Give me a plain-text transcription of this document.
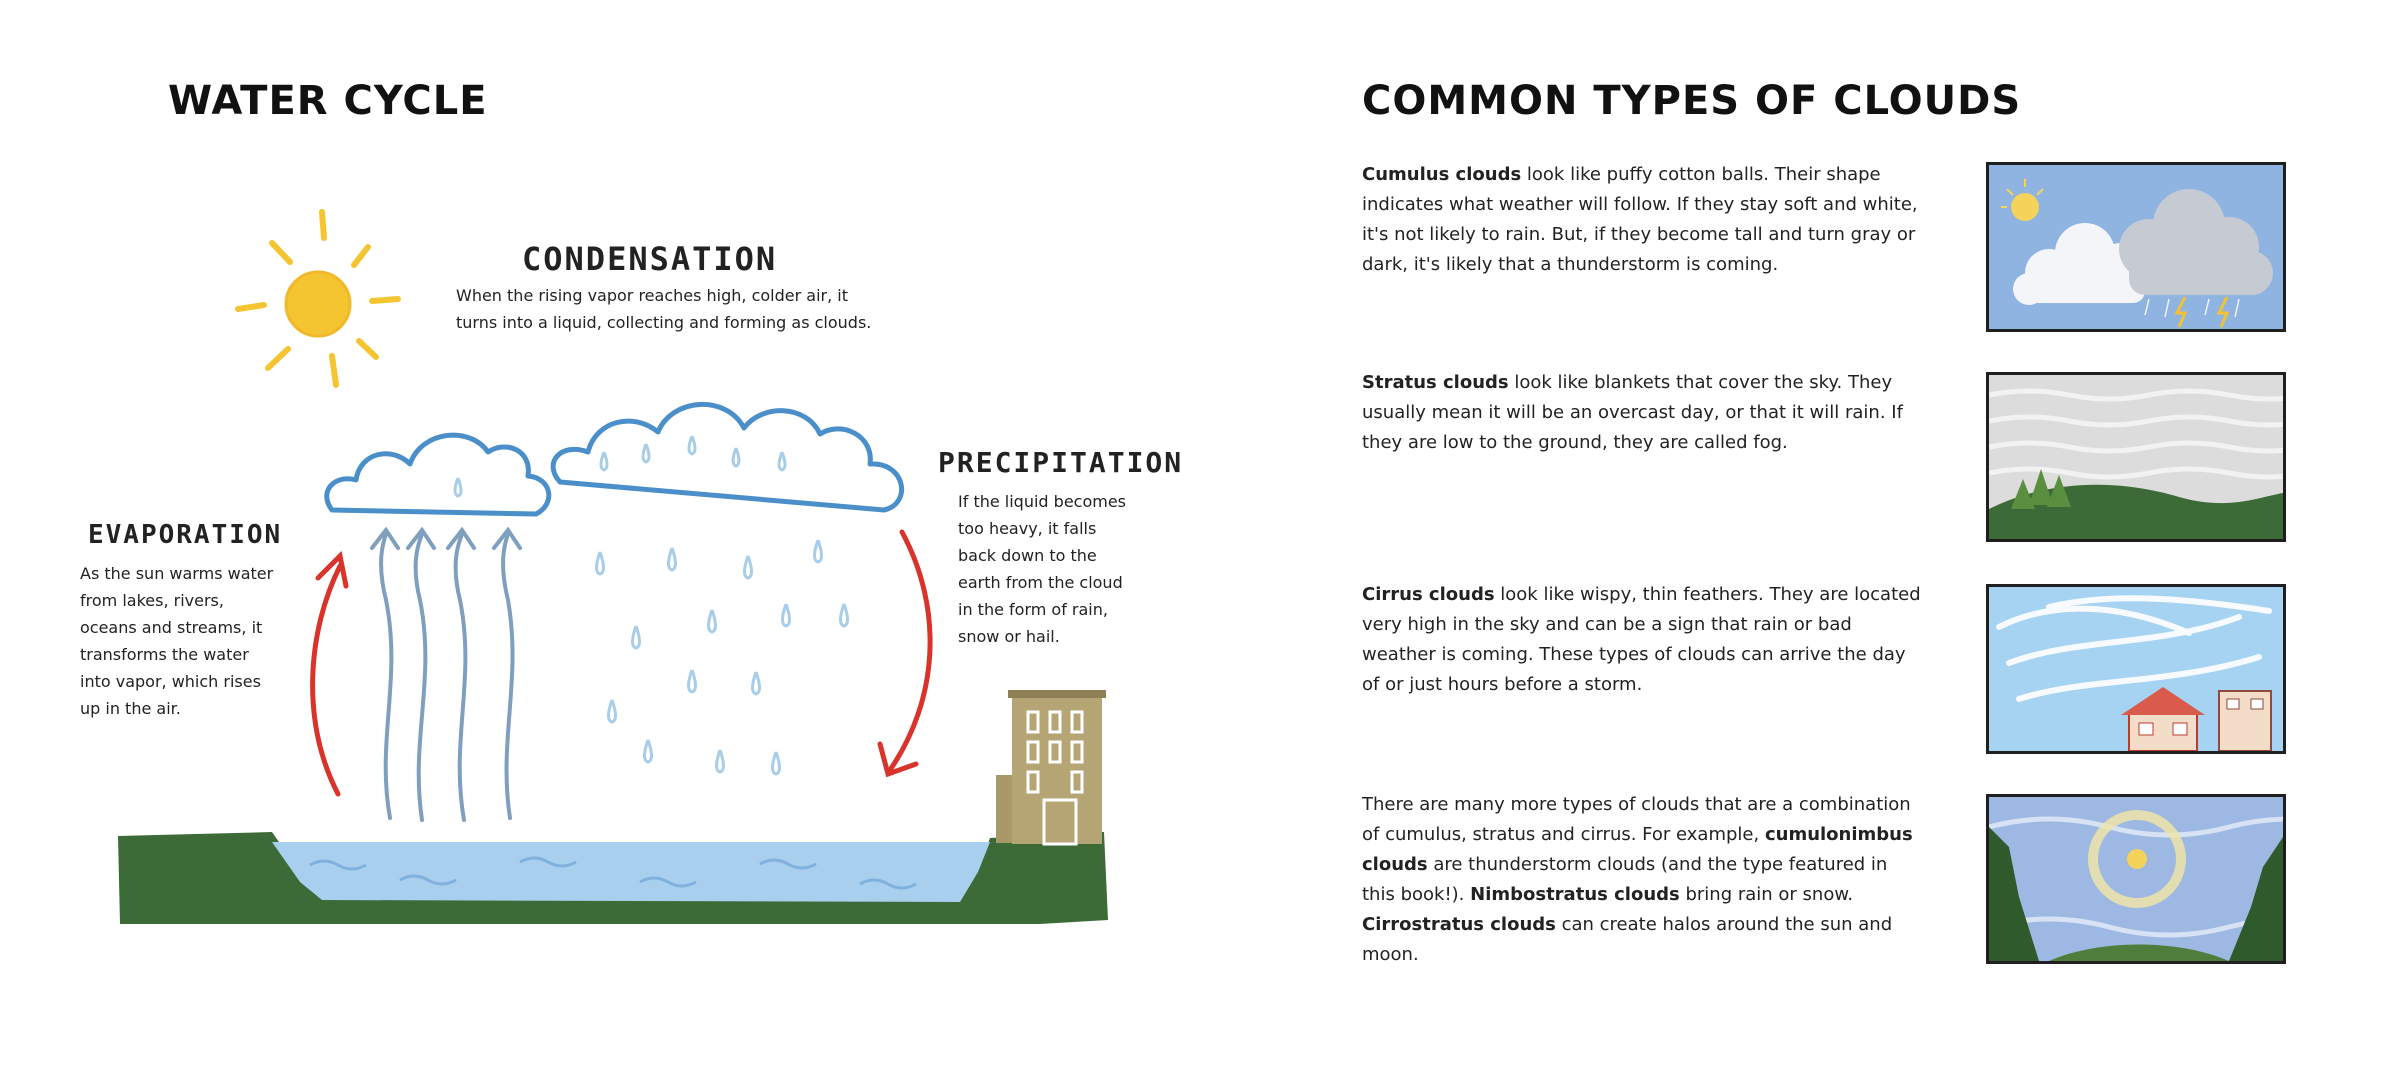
WATER CYCLE
CONDENSATION

When the rising vapor reaches high, colder air, it turns into a liquid, collecting and forming as clouds.

PRECIPITATION

If the liquid becomes too heavy, it falls back down to the earth from the cloud in the form of rain, snow or hail.

EVAPORATION

As the sun warms water from lakes, rivers, oceans and streams, it transforms the water into vapor, which rises up in the air.

COMMON TYPES OF CLOUDS

Cumulus clouds look like puffy cotton balls. Their shape indicates what weather will follow. If they stay soft and white, it's not likely to rain. But, if they become tall and turn gray or dark, it's likely that a thunderstorm is coming.

Stratus clouds look like blankets that cover the sky. They usually mean it will be an overcast day, or that it will rain. If they are low to the ground, they are called fog.

Cirrus clouds look like wispy, thin feathers. They are located very high in the sky and can be a sign that rain or bad weather is coming. These types of clouds can arrive the day of or just hours before a storm.

There are many more types of clouds that are a combination of cumulus, stratus and cirrus. For example, cumulonimbus clouds are thunderstorm clouds (and the type featured in this book!). Nimbostratus clouds bring rain or snow. Cirrostratus clouds can create halos around the sun and moon.
